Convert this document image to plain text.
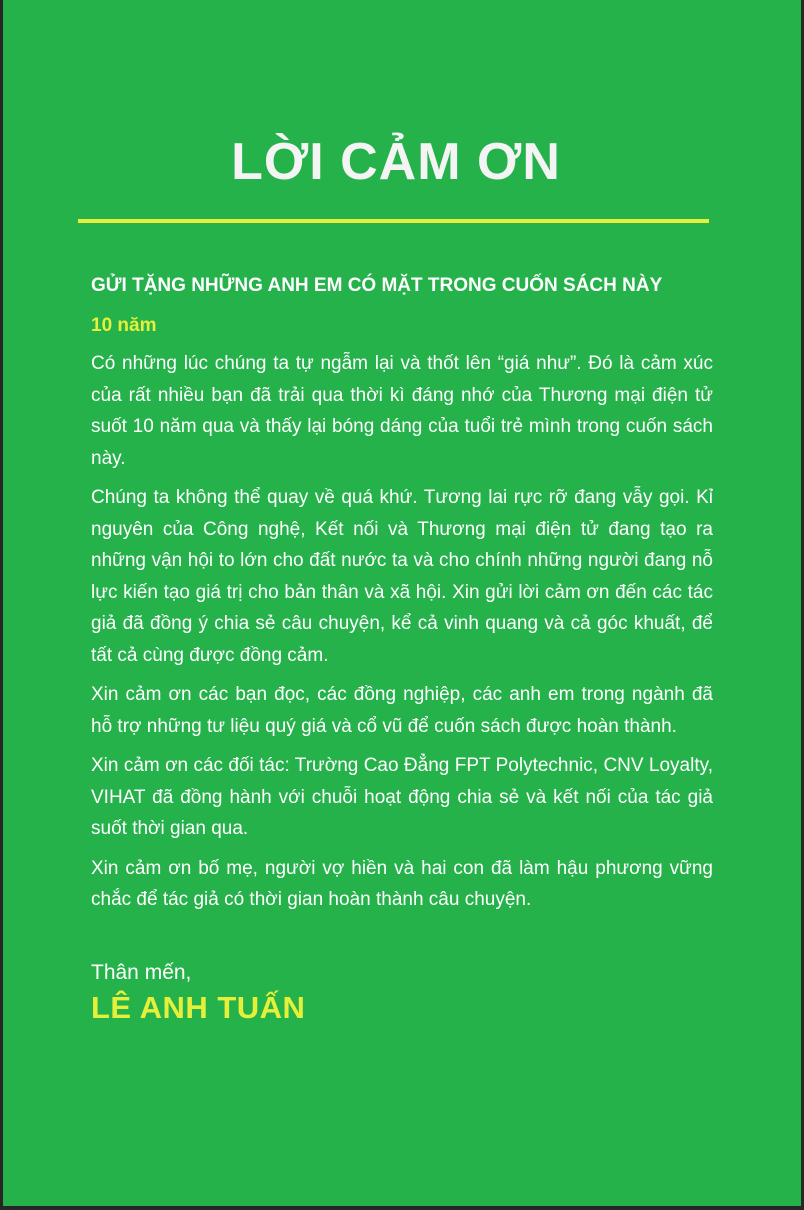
LỜI CẢM ƠN

GỬI TẶNG NHỮNG ANH EM CÓ MẶT TRONG CUỐN SÁCH NÀY

10 năm

Có những lúc chúng ta tự ngẫm lại và thốt lên “giá như”. Đó là cảm xúc của rất nhiều bạn đã trải qua thời kì đáng nhớ của Thương mại điện tử suốt 10 năm qua và thấy lại bóng dáng của tuổi trẻ mình trong cuốn sách này.

Chúng ta không thể quay về quá khứ. Tương lai rực rỡ đang vẫy gọi. Kỉ nguyên của Công nghệ, Kết nối và Thương mại điện tử đang tạo ra những vận hội to lớn cho đất nước ta và cho chính những người đang nỗ lực kiến tạo giá trị cho bản thân và xã hội. Xin gửi lời cảm ơn đến các tác giả đã đồng ý chia sẻ câu chuyện, kể cả vinh quang và cả góc khuất, để tất cả cùng được đồng cảm.

Xin cảm ơn các bạn đọc, các đồng nghiệp, các anh em trong ngành đã hỗ trợ những tư liệu quý giá và cổ vũ để cuốn sách được hoàn thành.

Xin cảm ơn các đối tác: Trường Cao Đẳng FPT Polytechnic, CNV Loyalty, VIHAT đã đồng hành với chuỗi hoạt động chia sẻ và kết nối của tác giả suốt thời gian qua.

Xin cảm ơn bố mẹ, người vợ hiền và hai con đã làm hậu phương vững chắc để tác giả có thời gian hoàn thành câu chuyện.

Thân mến,

LÊ ANH TUẤN
